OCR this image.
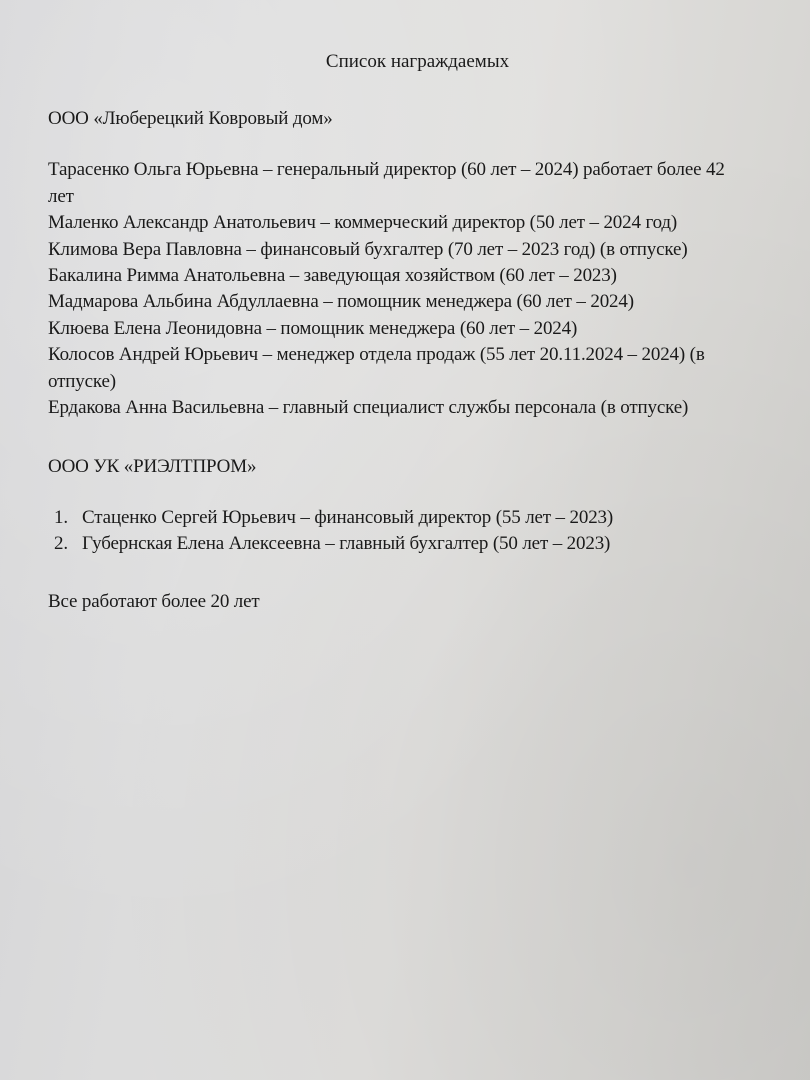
Список награждаемых
ООО «Люберецкий Ковровый дом»
Тарасенко Ольга Юрьевна – генеральный директор (60 лет – 2024) работает более 42
лет
Маленко Александр Анатольевич – коммерческий директор (50 лет – 2024 год)
Климова Вера Павловна – финансовый бухгалтер (70 лет – 2023 год) (в отпуске)
Бакалина Римма Анатольевна – заведующая хозяйством (60 лет – 2023)
Мадмарова Альбина Абдуллаевна – помощник менеджера (60 лет – 2024)
Клюева Елена Леонидовна – помощник менеджера (60 лет – 2024)
Колосов Андрей Юрьевич – менеджер отдела продаж (55 лет 20.11.2024 – 2024) (в
отпуске)
Ердакова Анна Васильевна – главный специалист службы персонала (в отпуске)
ООО УК «РИЭЛТПРОМ»
1. Стаценко Сергей Юрьевич – финансовый директор (55 лет – 2023)
2. Губернская Елена Алексеевна – главный бухгалтер (50 лет – 2023)
Все работают более 20 лет
